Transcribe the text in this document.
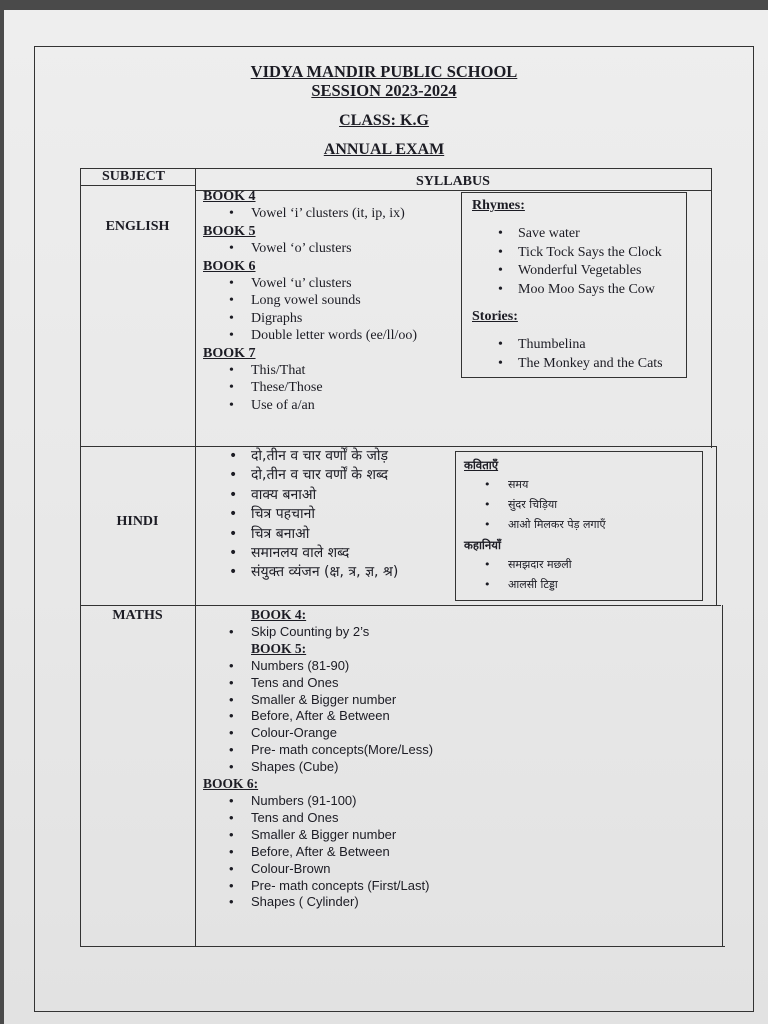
VIDYA MANDIR PUBLIC SCHOOL
SESSION 2023-2024
CLASS: K.G
ANNUAL EXAM
SUBJECT	SYLLABUS
ENGLISH
BOOK 4
• Vowel ‘i’ clusters (it, ip, ix)
BOOK 5
• Vowel ‘o’ clusters
BOOK 6
• Vowel ‘u’ clusters
• Long vowel sounds
• Digraphs
• Double letter words (ee/ll/oo)
BOOK 7
• This/That
• These/Those
• Use of a/an
Rhymes:
• Save water
• Tick Tock Says the Clock
• Wonderful Vegetables
• Moo Moo Says the Cow
Stories:
• Thumbelina
• The Monkey and the Cats
HINDI
• दो,तीन व चार वर्णों के जोड़
• दो,तीन व चार वर्णों के शब्द
• वाक्य बनाओ
• चित्र पहचानो
• चित्र बनाओ
• समानलय वाले शब्द
• संयुक्त व्यंजन (क्ष, त्र, ज्ञ, श्र)
कविताएँ
• समय
• सुंदर चिड़िया
• आओ मिलकर पेड़ लगाएँ
कहानियाँ
• समझदार मछली
• आलसी टिड्डा
MATHS	BOOK 4:
• Skip Counting by 2’s
BOOK 5:
• Numbers (81-90)
• Tens and Ones
• Smaller & Bigger number
• Before, After & Between
• Colour-Orange
• Pre- math concepts(More/Less)
• Shapes (Cube)
BOOK 6:
• Numbers (91-100)
• Tens and Ones
• Smaller & Bigger number
• Before, After & Between
• Colour-Brown
• Pre- math concepts (First/Last)
• Shapes ( Cylinder)
